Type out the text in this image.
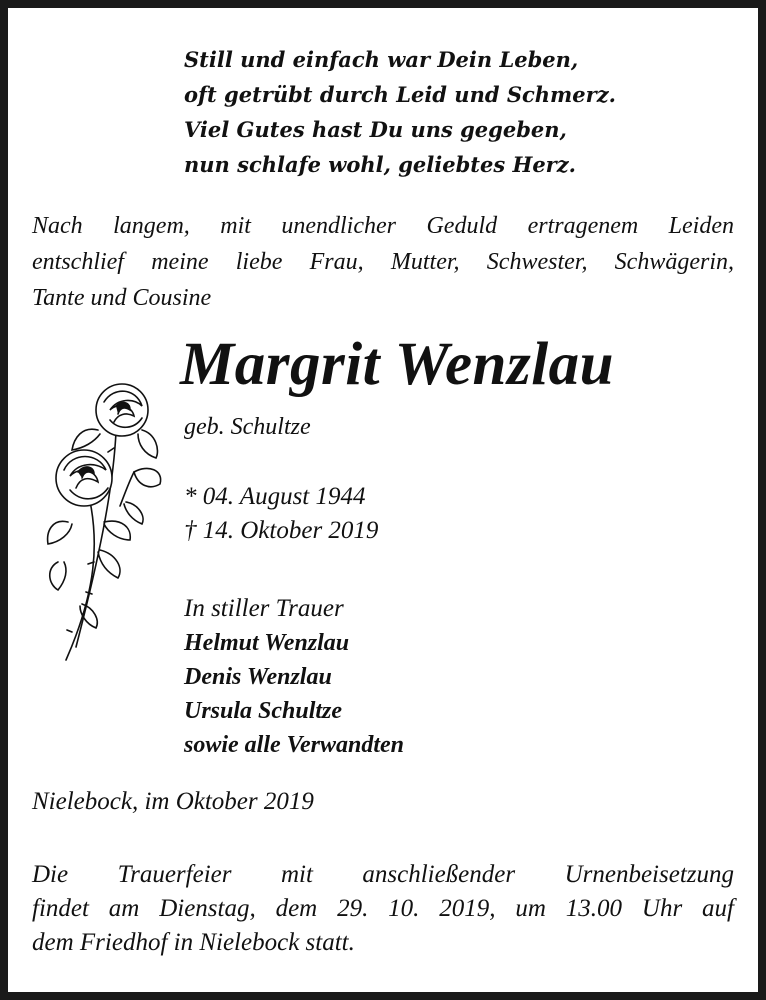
Still und einfach war Dein Leben,
oft getrübt durch Leid und Schmerz.
Viel Gutes hast Du uns gegeben,
nun schlafe wohl, geliebtes Herz.
Nach langem, mit unendlicher Geduld ertragenem Leiden
entschlief meine liebe Frau, Mutter, Schwester, Schwägerin,
Tante und Cousine
Margrit Wenzlau
geb. Schultze
* 04. August 1944
† 14. Oktober 2019
In stiller Trauer
Helmut Wenzlau
Denis Wenzlau
Ursula Schultze
sowie alle Verwandten
Nielebock, im Oktober 2019
Die Trauerfeier mit anschließender Urnenbeisetzung
findet am Dienstag, dem 29. 10. 2019, um 13.00 Uhr auf
dem Friedhof in Nielebock statt.
